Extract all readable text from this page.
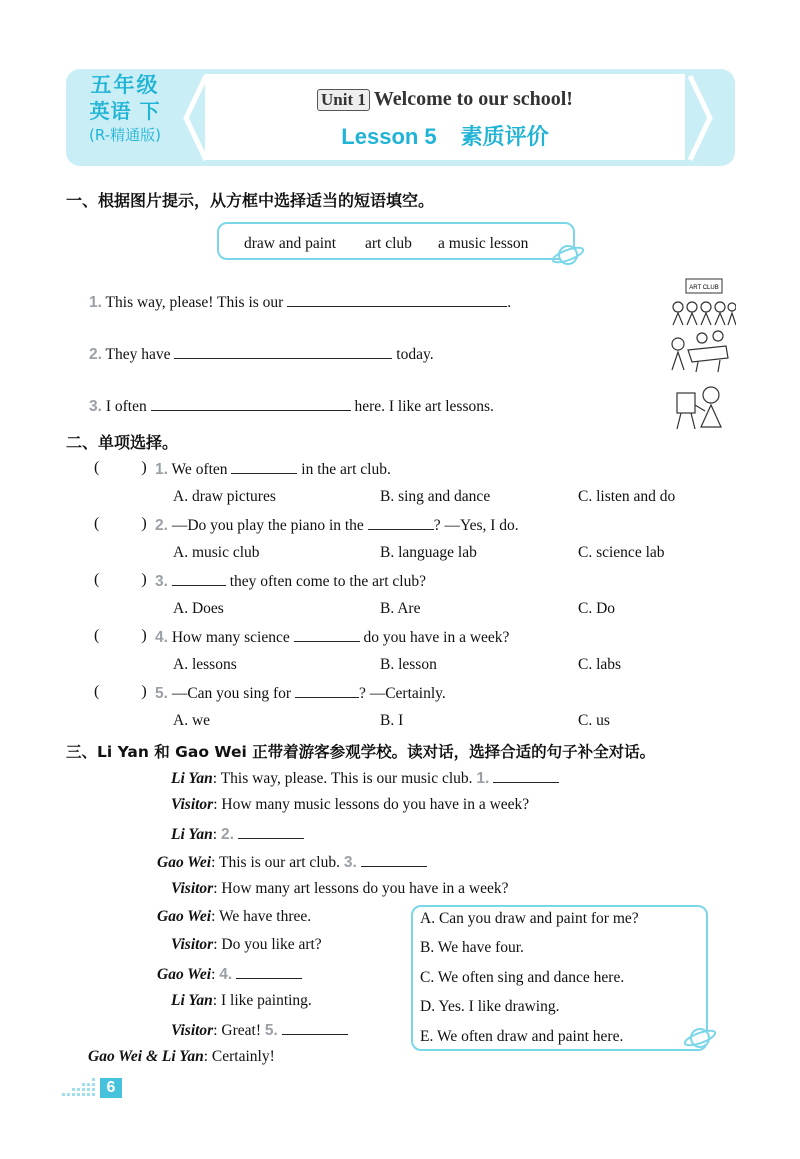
五年级
英语 下
(R-精通版)
Unit 1 Welcome to our school!
Lesson 5 素质评价
一、根据图片提示，从方框中选择适当的短语填空。
draw and paint art club a music lesson
1. This way, please! This is our	.
2. They have	today.
3. I often	here. I like art lessons.
ART CLUB
二、单项选择。
(	) 1. We often	in the art club.
A. draw pictures	B. sing and dance	C. listen and do
(	) 2. —Do you play the piano in the	? —Yes, I do.
A. music club	B. language lab	C. science lab
(	) 3.	they often come to the art club?
A. Does	B. Are	C. Do
(	) 4. How many science	do you have in a week?
A. lessons	B. lesson	C. labs
(	) 5. —Can you sing for	? —Certainly.
A. we	B. I	C. us
三、Li Yan 和 Gao Wei 正带着游客参观学校。读对话，选择合适的句子补全对话。
Li Yan: This way, please. This is our music club. 1.
Visitor: How many music lessons do you have in a week?
Li Yan: 2.
Gao Wei: This is our art club. 3.
Visitor: How many art lessons do you have in a week?
Gao Wei: We have three.
Visitor: Do you like art?
Gao Wei: 4.
Li Yan: I like painting.
Visitor: Great! 5.
Gao Wei & Li Yan: Certainly!
A. Can you draw and paint for me?
B. We have four.
C. We often sing and dance here.
D. Yes. I like drawing.
E. We often draw and paint here.
6
